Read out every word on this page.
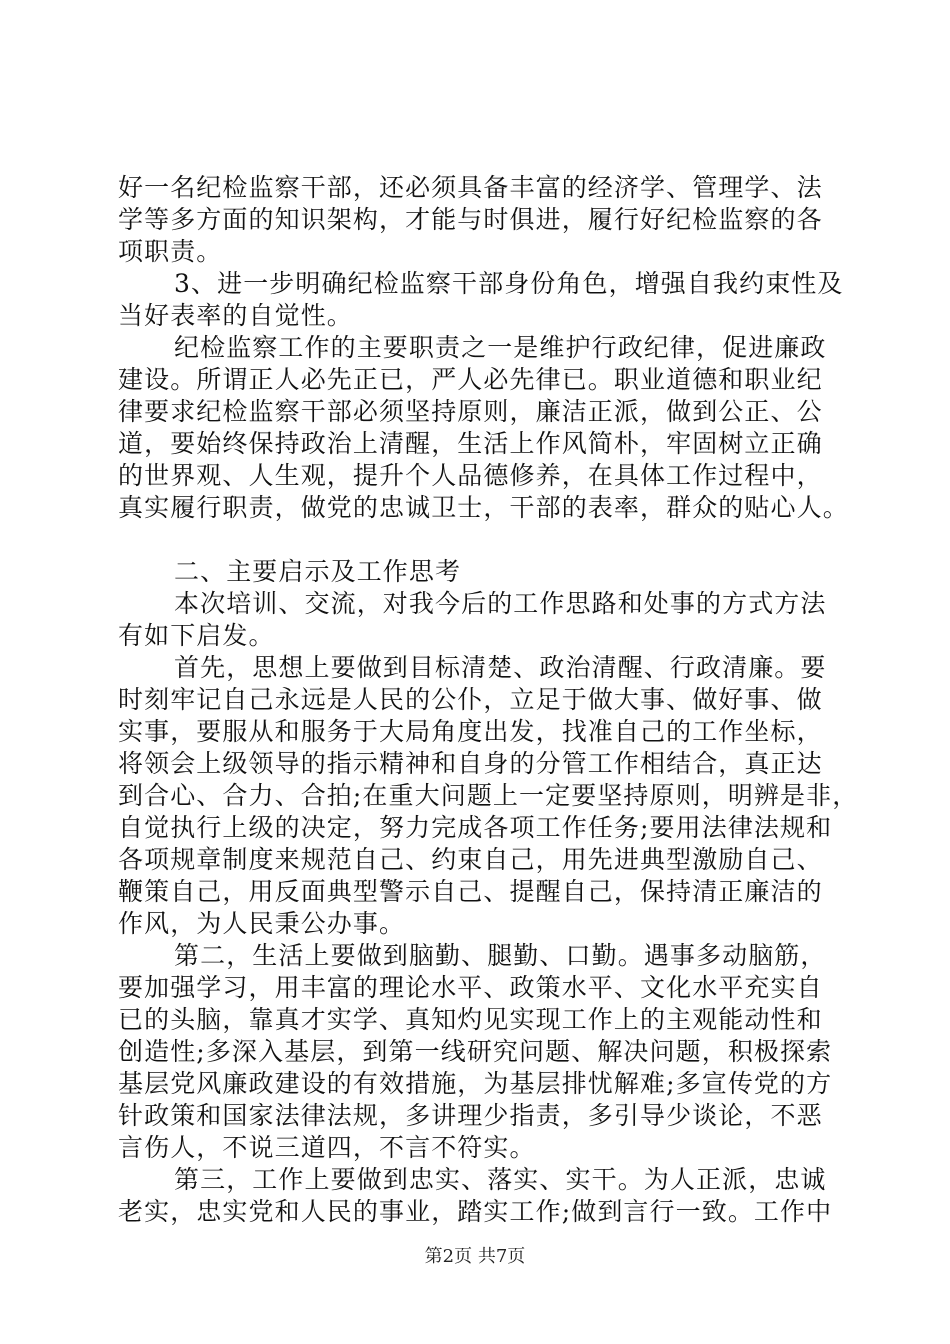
好一名纪检监察干部，还必须具备丰富的经济学、管理学、法
学等多方面的知识架构，才能与时俱进，履行好纪检监察的各
项职责。
3、进一步明确纪检监察干部身份角色，增强自我约束性及
当好表率的自觉性。
纪检监察工作的主要职责之一是维护行政纪律，促进廉政
建设。所谓正人必先正已，严人必先律已。职业道德和职业纪
律要求纪检监察干部必须坚持原则，廉洁正派，做到公正、公
道，要始终保持政治上清醒，生活上作风简朴，牢固树立正确
的世界观、人生观，提升个人品德修养，在具体工作过程中，
真实履行职责，做党的忠诚卫士，干部的表率，群众的贴心人。
二、主要启示及工作思考
本次培训、交流，对我今后的工作思路和处事的方式方法
有如下启发。
首先，思想上要做到目标清楚、政治清醒、行政清廉。要
时刻牢记自己永远是人民的公仆，立足于做大事、做好事、做
实事，要服从和服务于大局角度出发，找准自己的工作坐标，
将领会上级领导的指示精神和自身的分管工作相结合，真正达
到合心、合力、合拍;在重大问题上一定要坚持原则，明辨是非，
自觉执行上级的决定，努力完成各项工作任务;要用法律法规和
各项规章制度来规范自己、约束自己，用先进典型激励自己、
鞭策自己，用反面典型警示自己、提醒自己，保持清正廉洁的
作风，为人民秉公办事。
第二，生活上要做到脑勤、腿勤、口勤。遇事多动脑筋，
要加强学习，用丰富的理论水平、政策水平、文化水平充实自
已的头脑，靠真才实学、真知灼见实现工作上的主观能动性和
创造性;多深入基层，到第一线研究问题、解决问题，积极探索
基层党风廉政建设的有效措施，为基层排忧解难;多宣传党的方
针政策和国家法律法规，多讲理少指责，多引导少谈论，不恶
言伤人，不说三道四，不言不符实。
第三，工作上要做到忠实、落实、实干。为人正派，忠诚
老实，忠实党和人民的事业，踏实工作;做到言行一致。工作中
第2页 共7页
